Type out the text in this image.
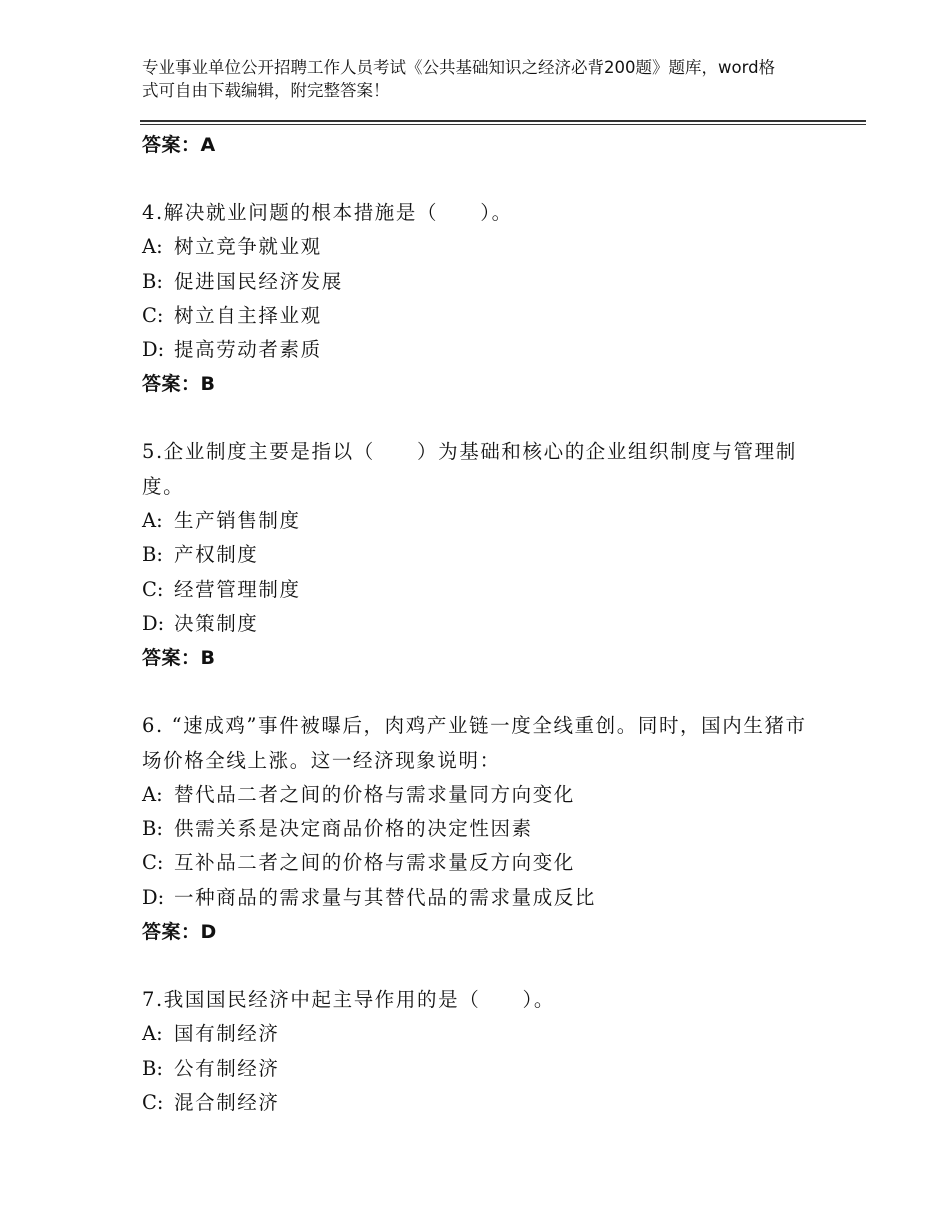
专业事业单位公开招聘工作人员考试《公共基础知识之经济必背200题》题库，word格式可自由下载编辑，附完整答案！
答案：A
4.解决就业问题的根本措施是（　　）。
A: 树立竞争就业观
B: 促进国民经济发展
C: 树立自主择业观
D: 提高劳动者素质
答案：B
5.企业制度主要是指以（　　）为基础和核心的企业组织制度与管理制度。
A: 生产销售制度
B: 产权制度
C: 经营管理制度
D: 决策制度
答案：B
6. “速成鸡”事件被曝后，肉鸡产业链一度全线重创。同时，国内生猪市场价格全线上涨。这一经济现象说明：
A: 替代品二者之间的价格与需求量同方向变化
B: 供需关系是决定商品价格的决定性因素
C: 互补品二者之间的价格与需求量反方向变化
D: 一种商品的需求量与其替代品的需求量成反比
答案：D
7.我国国民经济中起主导作用的是（　　）。
A: 国有制经济
B: 公有制经济
C: 混合制经济
